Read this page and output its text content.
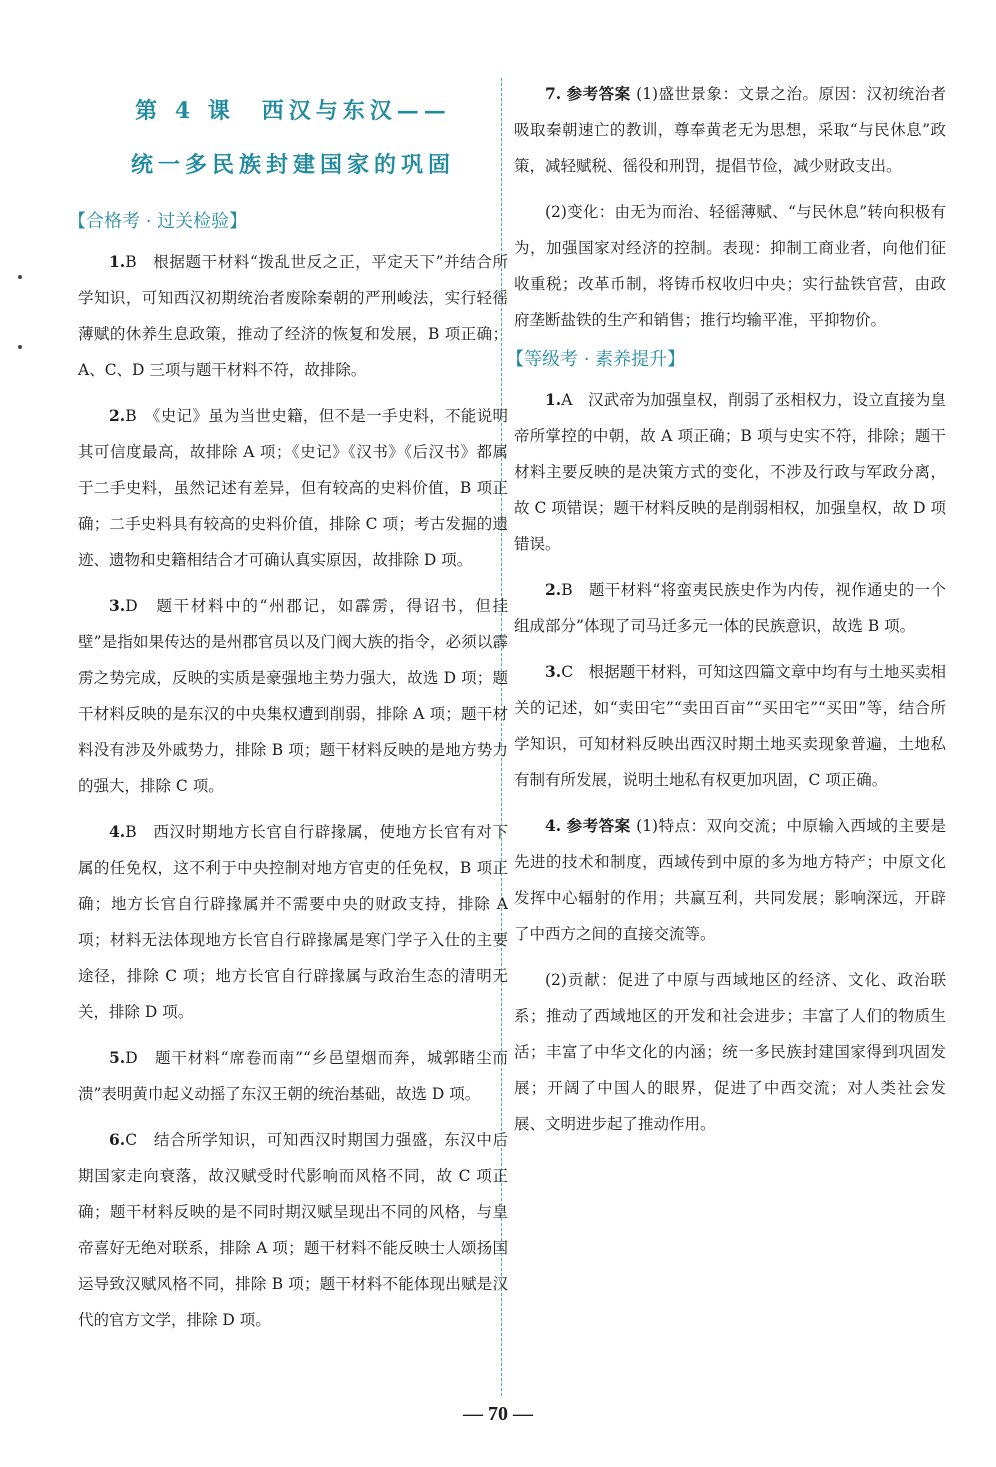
第 4 课　西汉与东汉——
统一多民族封建国家的巩固
【合格考 · 过关检验】

1.B　根据题干材料“拨乱世反之正，平定天下”并结合所学知识，可知西汉初期统治者废除秦朝的严刑峻法，实行轻徭薄赋的休养生息政策，推动了经济的恢复和发展，B 项正确；A、C、D 三项与题干材料不符，故排除。

2.B　《史记》虽为当世史籍，但不是一手史料，不能说明其可信度最高，故排除 A 项；《史记》《汉书》《后汉书》都属于二手史料，虽然记述有差异，但有较高的史料价值，B 项正确；二手史料具有较高的史料价值，排除 C 项；考古发掘的遗迹、遗物和史籍相结合才可确认真实原因，故排除 D 项。

3.D　题干材料中的“州郡记，如霹雳，得诏书，但挂壁”是指如果传达的是州郡官员以及门阀大族的指令，必须以霹雳之势完成，反映的实质是豪强地主势力强大，故选 D 项；题干材料反映的是东汉的中央集权遭到削弱，排除 A 项；题干材料没有涉及外戚势力，排除 B 项；题干材料反映的是地方势力的强大，排除 C 项。

4.B　西汉时期地方长官自行辟掾属，使地方长官有对下属的任免权，这不利于中央控制对地方官吏的任免权，B 项正确；地方长官自行辟掾属并不需要中央的财政支持，排除 A 项；材料无法体现地方长官自行辟掾属是寒门学子入仕的主要途径，排除 C 项；地方长官自行辟掾属与政治生态的清明无关，排除 D 项。

5.D　题干材料“席卷而南”“乡邑望烟而奔，城郭睹尘而溃”表明黄巾起义动摇了东汉王朝的统治基础，故选 D 项。

6.C　结合所学知识，可知西汉时期国力强盛，东汉中后期国家走向衰落，故汉赋受时代影响而风格不同，故 C 项正确；题干材料反映的是不同时期汉赋呈现出不同的风格，与皇帝喜好无绝对联系，排除 A 项；题干材料不能反映士人颂扬国运导致汉赋风格不同，排除 B 项；题干材料不能体现出赋是汉代的官方文学，排除 D 项。

7. 参考答案 (1)盛世景象：文景之治。原因：汉初统治者吸取秦朝速亡的教训，尊奉黄老无为思想，采取“与民休息”政策，减轻赋税、徭役和刑罚，提倡节俭，减少财政支出。

(2)变化：由无为而治、轻徭薄赋、“与民休息”转向积极有为，加强国家对经济的控制。表现：抑制工商业者，向他们征收重税；改革币制，将铸币权收归中央；实行盐铁官营，由政府垄断盐铁的生产和销售；推行均输平准，平抑物价。

【等级考 · 素养提升】

1.A　汉武帝为加强皇权，削弱了丞相权力，设立直接为皇帝所掌控的中朝，故 A 项正确；B 项与史实不符，排除；题干材料主要反映的是决策方式的变化，不涉及行政与军政分离，故 C 项错误；题干材料反映的是削弱相权，加强皇权，故 D 项错误。

2.B　题干材料“将蛮夷民族史作为内传，视作通史的一个组成部分”体现了司马迁多元一体的民族意识，故选 B 项。

3.C　根据题干材料，可知这四篇文章中均有与土地买卖相关的记述，如“卖田宅”“卖田百亩”“买田宅”“买田”等，结合所学知识，可知材料反映出西汉时期土地买卖现象普遍，土地私有制有所发展，说明土地私有权更加巩固，C 项正确。

4. 参考答案 (1)特点：双向交流；中原输入西域的主要是先进的技术和制度，西域传到中原的多为地方特产；中原文化发挥中心辐射的作用；共赢互利，共同发展；影响深远，开辟了中西方之间的直接交流等。

(2)贡献：促进了中原与西域地区的经济、文化、政治联系；推动了西域地区的开发和社会进步；丰富了人们的物质生活；丰富了中华文化的内涵；统一多民族封建国家得到巩固发展；开阔了中国人的眼界，促进了中西交流；对人类社会发展、文明进步起了推动作用。

— 70 —
